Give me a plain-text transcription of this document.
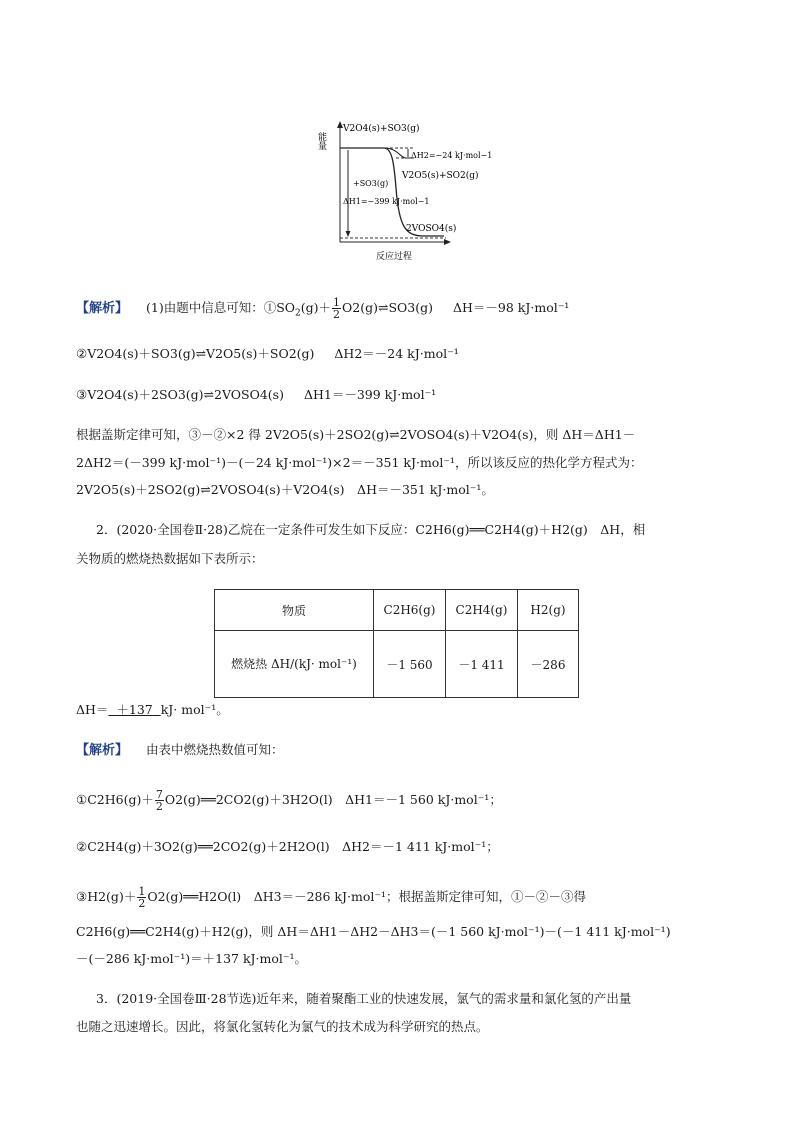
能量
V2O4(s)+SO3(g)
ΔH2=−24 kJ·mol−1
V2O5(s)+SO2(g)
+SO3(g)
ΔH1=−399 kJ·mol−1
2VOSO4(s)
反应过程
【解析】 (1)由题中信息可知：$①SO_2(g)+ \frac{1}{2}$ O2(g)⇌SO3(g) ΔH＝－98 kJ·mol⁻¹
②V2O4(s)＋SO3(g)⇌V2O5(s)＋SO2(g) ΔH2＝－24 kJ·mol⁻¹
③V2O4(s)＋2SO3(g)⇌2VOSO4(s) ΔH1＝－399 kJ·mol⁻¹
根据盖斯定律可知，③－②×2 得 2V2O5(s)＋2SO2(g)⇌2VOSO4(s)＋V2O4(s)，则 ΔH＝ΔH1－
2ΔH2＝(－399 kJ·mol⁻¹)－(－24 kJ·mol⁻¹)×2＝－351 kJ·mol⁻¹，所以该反应的热化学方程式为：
2V2O5(s)＋2SO2(g)⇌2VOSO4(s)＋V2O4(s)　ΔH＝－351 kJ·mol⁻¹。
2．(2020·全国卷Ⅱ·28)乙烷在一定条件可发生如下反应：C2H6(g)══C2H4(g)＋H2(g)　ΔH，相
关物质的燃烧热数据如下表所示：
物质	C2H6(g)	C2H4(g)	H2(g)
燃烧热 ΔH/(kJ· mol⁻¹)	－1 560	－1 411	－286
ΔH＝ ＋137 kJ· mol⁻¹。
【解析】 由表中燃烧热数值可知：
①C2H6(g)＋ $\frac{7}{2}$ O2(g)══2CO2(g)＋3H2O(l)　ΔH1＝－1 560 kJ·mol⁻¹；
②C2H4(g)＋3O2(g)══2CO2(g)＋2H2O(l)　ΔH2＝－1 411 kJ·mol⁻¹；
③H2(g)＋ $\frac{1}{2}$ O2(g)══H2O(l)　ΔH3＝－286 kJ·mol⁻¹；根据盖斯定律可知，①－②－③得
C2H6(g)══C2H4(g)＋H2(g)，则 ΔH＝ΔH1－ΔH2－ΔH3＝(－1 560 kJ·mol⁻¹)－(－1 411 kJ·mol⁻¹)
－(－286 kJ·mol⁻¹)＝＋137 kJ·mol⁻¹。
3．(2019·全国卷Ⅲ·28节选)近年来，随着聚酯工业的快速发展，氯气的需求量和氯化氢的产出量
也随之迅速增长。因此，将氯化氢转化为氯气的技术成为科学研究的热点。
